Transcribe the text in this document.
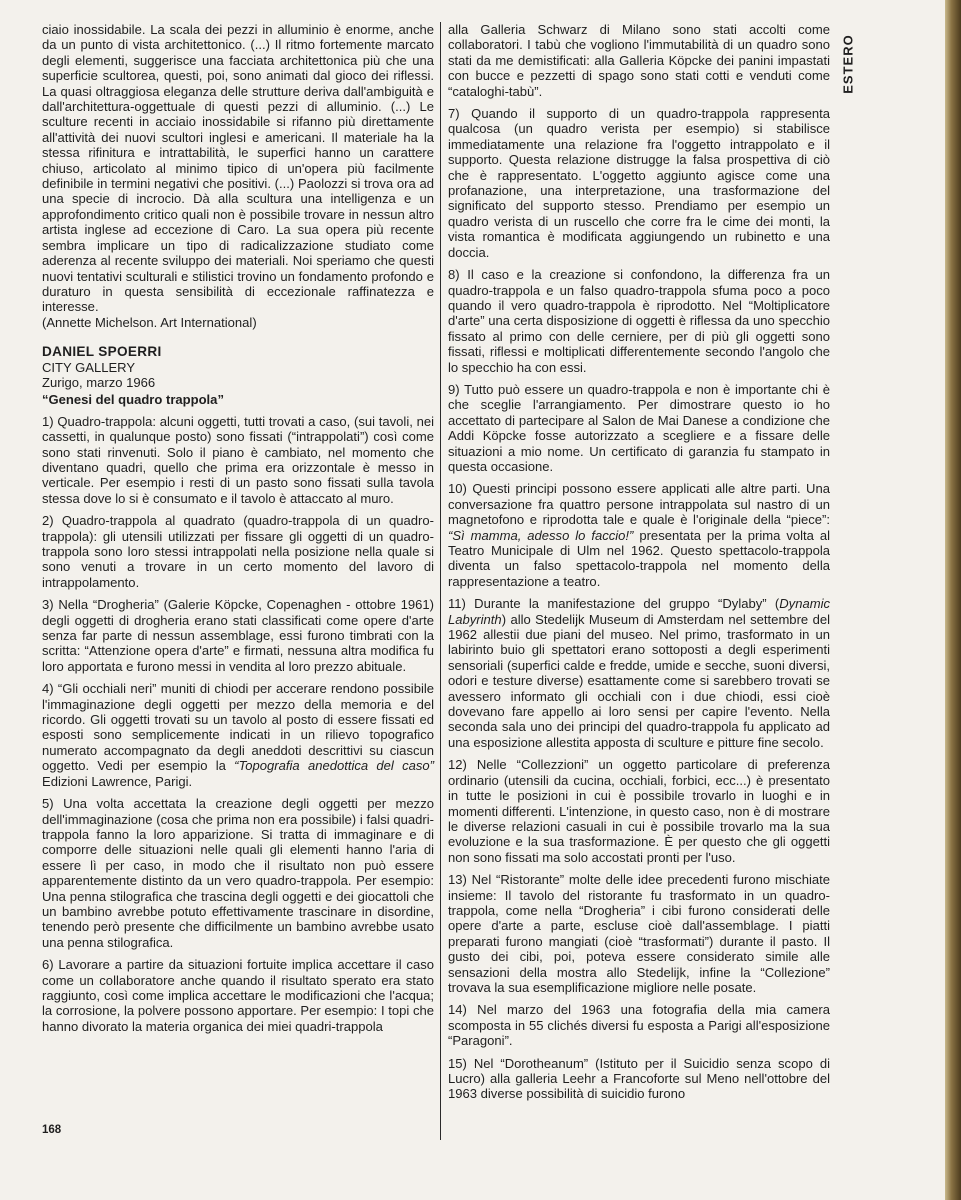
ciaio inossidabile. La scala dei pezzi in alluminio è enorme, anche da un punto di vista architettonico. (...) Il ritmo fortemente marcato degli elementi, suggerisce una facciata architettonica più che una superficie scultorea, questi, poi, sono animati dal gioco dei riflessi. La quasi oltraggiosa eleganza delle strutture deriva dall'ambiguità e dall'architettura-oggettuale di questi pezzi di alluminio. (...) Le sculture recenti in acciaio inossidabile si rifanno più direttamente all'attività dei nuovi scultori inglesi e americani. Il materiale ha la stessa rifinitura e intrattabilità, le superfici hanno un carattere chiuso, articolato al minimo tipico di un'opera più facilmente definibile in termini negativi che positivi. (...) Paolozzi si trova ora ad una specie di incrocio. Dà alla scultura una intelligenza e un approfondimento critico quali non è possibile trovare in nessun altro artista inglese ad eccezione di Caro. La sua opera più recente sembra implicare un tipo di radicalizzazione studiato come aderenza al recente sviluppo dei materiali. Noi speriamo che questi nuovi tentativi sculturali e stilistici trovino un fondamento profondo e duraturo in questa sensibilità di eccezionale raffinatezza e interesse.

(Annette Michelson. Art International)

DANIEL SPOERRI
CITY GALLERY
Zurigo, marzo 1966
“Genesi del quadro trappola”

1) Quadro-trappola: alcuni oggetti, tutti trovati a caso, (sui tavoli, nei cassetti, in qualunque posto) sono fissati (“intrappolati”) così come sono stati rinvenuti. Solo il piano è cambiato, nel momento che diventano quadri, quello che prima era orizzontale è messo in verticale. Per esempio i resti di un pasto sono fissati sulla tavola stessa dove lo si è consumato e il tavolo è attaccato al muro.

2) Quadro-trappola al quadrato (quadro-trappola di un quadro-trappola): gli utensili utilizzati per fissare gli oggetti di un quadro-trappola sono loro stessi intrappolati nella posizione nella quale si sono venuti a trovare in un certo momento del lavoro di intrappolamento.

3) Nella “Drogheria” (Galerie Köpcke, Copenaghen - ottobre 1961) degli oggetti di drogheria erano stati classificati come opere d'arte senza far parte di nessun assemblage, essi furono timbrati con la scritta: “Attenzione opera d'arte” e firmati, nessuna altra modifica fu loro apportata e furono messi in vendita al loro prezzo abituale.

4) “Gli occhiali neri” muniti di chiodi per accerare rendono possibile l'immaginazione degli oggetti per mezzo della memoria e del ricordo. Gli oggetti trovati su un tavolo al posto di essere fissati ed esposti sono semplicemente indicati in un rilievo topografico numerato accompagnato da degli aneddoti descrittivi su ciascun oggetto. Vedi per esempio la “Topografia anedottica del caso” Edizioni Lawrence, Parigi.

5) Una volta accettata la creazione degli oggetti per mezzo dell'immaginazione (cosa che prima non era possibile) i falsi quadri-trappola fanno la loro apparizione. Si tratta di immaginare e di comporre delle situazioni nelle quali gli elementi hanno l'aria di essere lì per caso, in modo che il risultato non può essere apparentemente distinto da un vero quadro-trappola. Per esempio: Una penna stilografica che trascina degli oggetti e dei giocattoli che un bambino avrebbe potuto effettivamente trascinare in disordine, tenendo però presente che difficilmente un bambino avrebbe usato una penna stilografica.

6) Lavorare a partire da situazioni fortuite implica accettare il caso come un collaboratore anche quando il risultato sperato era stato raggiunto, così come implica accettare le modificazioni che l'acqua; la corrosione, la polvere possono apportare. Per esempio: I topi che hanno divorato la materia organica dei miei quadri-trappola

alla Galleria Schwarz di Milano sono stati accolti come collaboratori. I tabù che vogliono l'immutabilità di un quadro sono stati da me demistificati: alla Galleria Köpcke dei panini impastati con bucce e pezzetti di spago sono stati cotti e venduti come “cataloghi-tabù”.

7) Quando il supporto di un quadro-trappola rappresenta qualcosa (un quadro verista per esempio) si stabilisce immediatamente una relazione fra l'oggetto intrappolato e il supporto. Questa relazione distrugge la falsa prospettiva di ciò che è rappresentato. L'oggetto aggiunto agisce come una profanazione, una interpretazione, una trasformazione del significato del supporto stesso. Prendiamo per esempio un quadro verista di un ruscello che corre fra le cime dei monti, la vista romantica è modificata aggiungendo un rubinetto e una doccia.

8) Il caso e la creazione si confondono, la differenza fra un quadro-trappola e un falso quadro-trappola sfuma poco a poco quando il vero quadro-trappola è riprodotto. Nel “Moltiplicatore d'arte” una certa disposizione di oggetti è riflessa da uno specchio fissato al primo con delle cerniere, per di più gli oggetti sono fissati, riflessi e moltiplicati differentemente secondo l'angolo che lo specchio ha con essi.

9) Tutto può essere un quadro-trappola e non è importante chi è che sceglie l'arrangiamento. Per dimostrare questo io ho accettato di partecipare al Salon de Mai Danese a condizione che Addi Köpcke fosse autorizzato a scegliere e a fissare delle situazioni a mio nome. Un certificato di garanzia fu stampato in questa occasione.

10) Questi principi possono essere applicati alle altre parti. Una conversazione fra quattro persone intrappolata sul nastro di un magnetofono e riprodotta tale e quale è l'originale della “piece”: “Sì mamma, adesso lo faccio!” presentata per la prima volta al Teatro Municipale di Ulm nel 1962. Questo spettacolo-trappola diventa un falso spettacolo-trappola nel momento della rappresentazione a teatro.

11) Durante la manifestazione del gruppo “Dylaby” (Dynamic Labyrinth) allo Stedelijk Museum di Amsterdam nel settembre del 1962 allestii due piani del museo. Nel primo, trasformato in un labirinto buio gli spettatori erano sottoposti a degli esperimenti sensoriali (superfici calde e fredde, umide e secche, suoni diversi, odori e testure diverse) esattamente come si sarebbero trovati se avessero informato gli occhiali con i due chiodi, essi cioè dovevano fare appello ai loro sensi per capire l'evento. Nella seconda sala uno dei principi del quadro-trappola fu applicato ad una esposizione allestita apposta di sculture e pitture fine secolo.

12) Nelle “Collezzioni” un oggetto particolare di preferenza ordinario (utensili da cucina, occhiali, forbici, ecc...) è presentato in tutte le posizioni in cui è possibile trovarlo in luoghi e in momenti differenti. L'intenzione, in questo caso, non è di mostrare le diverse relazioni casuali in cui è possibile trovarlo ma la sua evoluzione e la sua trasformazione. È per questo che gli oggetti non sono fissati ma solo accostati pronti per l'uso.

13) Nel “Ristorante” molte delle idee precedenti furono mischiate insieme: Il tavolo del ristorante fu trasformato in un quadro-trappola, come nella “Drogheria” i cibi furono considerati delle opere d'arte a parte, escluse cioè dall'assemblage. I piatti preparati furono mangiati (cioè “trasformati”) durante il pasto. Il gusto dei cibi, poi, poteva essere considerato simile alle sensazioni della mostra allo Stedelijk, infine la “Collezione” trovava la sua esemplificazione migliore nelle posate.

14) Nel marzo del 1963 una fotografia della mia camera scomposta in 55 clichés diversi fu esposta a Parigi all'esposizione “Paragoni”.

15) Nel “Dorotheanum” (Istituto per il Suicidio senza scopo di Lucro) alla galleria Leehr a Francoforte sul Meno nell'ottobre del 1963 diverse possibilità di suicidio furono

ESTERO
168
